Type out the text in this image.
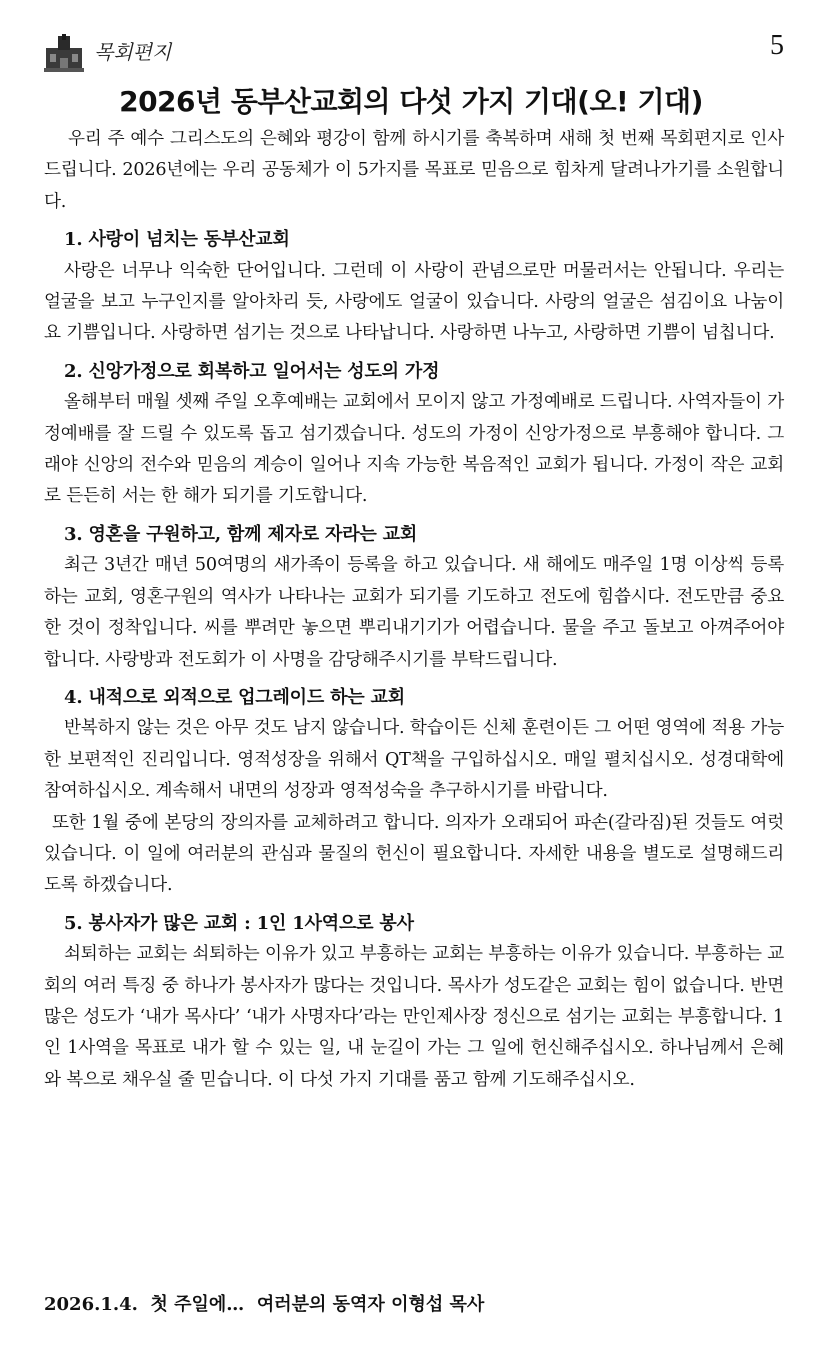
목회편지	5
2026년 동부산교회의 다섯 가지 기대(오! 기대)

우리 주 예수 그리스도의 은혜와 평강이 함께 하시기를 축복하며 새해 첫 번째 목회편지로 인사드립니다. 2026년에는 우리 공동체가 이 5가지를 목표로 믿음으로 힘차게 달려나가기를 소원합니다.

1. 사랑이 넘치는 동부산교회

사랑은 너무나 익숙한 단어입니다. 그런데 이 사랑이 관념으로만 머물러서는 안됩니다. 우리는 얼굴을 보고 누구인지를 알아차리 듯, 사랑에도 얼굴이 있습니다. 사랑의 얼굴은 섬김이요 나눔이요 기쁨입니다. 사랑하면 섬기는 것으로 나타납니다. 사랑하면 나누고, 사랑하면 기쁨이 넘칩니다.

2. 신앙가정으로 회복하고 일어서는 성도의 가정

올해부터 매월 셋째 주일 오후예배는 교회에서 모이지 않고 가정예배로 드립니다. 사역자들이 가정예배를 잘 드릴 수 있도록 돕고 섬기겠습니다. 성도의 가정이 신앙가정으로 부흥해야 합니다. 그래야 신앙의 전수와 믿음의 계승이 일어나 지속 가능한 복음적인 교회가 됩니다. 가정이 작은 교회로 든든히 서는 한 해가 되기를 기도합니다.

3. 영혼을 구원하고, 함께 제자로 자라는 교회

최근 3년간 매년 50여명의 새가족이 등록을 하고 있습니다. 새 해에도 매주일 1명 이상씩 등록하는 교회, 영혼구원의 역사가 나타나는 교회가 되기를 기도하고 전도에 힘씁시다. 전도만큼 중요한 것이 정착입니다. 씨를 뿌려만 놓으면 뿌리내기기가 어렵습니다. 물을 주고 돌보고 아껴주어야 합니다. 사랑방과 전도회가 이 사명을 감당해주시기를 부탁드립니다.

4. 내적으로 외적으로 업그레이드 하는 교회

반복하지 않는 것은 아무 것도 남지 않습니다. 학습이든 신체 훈련이든 그 어떤 영역에 적용 가능한 보편적인 진리입니다. 영적성장을 위해서 QT책을 구입하십시오. 매일 펼치십시오. 성경대학에 참여하십시오. 계속해서 내면의 성장과 영적성숙을 추구하시기를 바랍니다.

또한 1월 중에 본당의 장의자를 교체하려고 합니다. 의자가 오래되어 파손(갈라짐)된 것들도 여럿 있습니다. 이 일에 여러분의 관심과 물질의 헌신이 필요합니다. 자세한 내용을 별도로 설명해드리도록 하겠습니다.

5. 봉사자가 많은 교회 : 1인 1사역으로 봉사

쇠퇴하는 교회는 쇠퇴하는 이유가 있고 부흥하는 교회는 부흥하는 이유가 있습니다. 부흥하는 교회의 여러 특징 중 하나가 봉사자가 많다는 것입니다. 목사가 성도같은 교회는 힘이 없습니다. 반면 많은 성도가 ‘내가 목사다’ ‘내가 사명자다’라는 만인제사장 정신으로 섬기는 교회는 부흥합니다. 1인 1사역을 목표로 내가 할 수 있는 일, 내 눈길이 가는 그 일에 헌신해주십시오. 하나님께서 은혜와 복으로 채우실 줄 믿습니다. 이 다섯 가지 기대를 품고 함께 기도해주십시오.

2026.1.4.  첫 주일에…  여러분의 동역자 이형섭 목사
